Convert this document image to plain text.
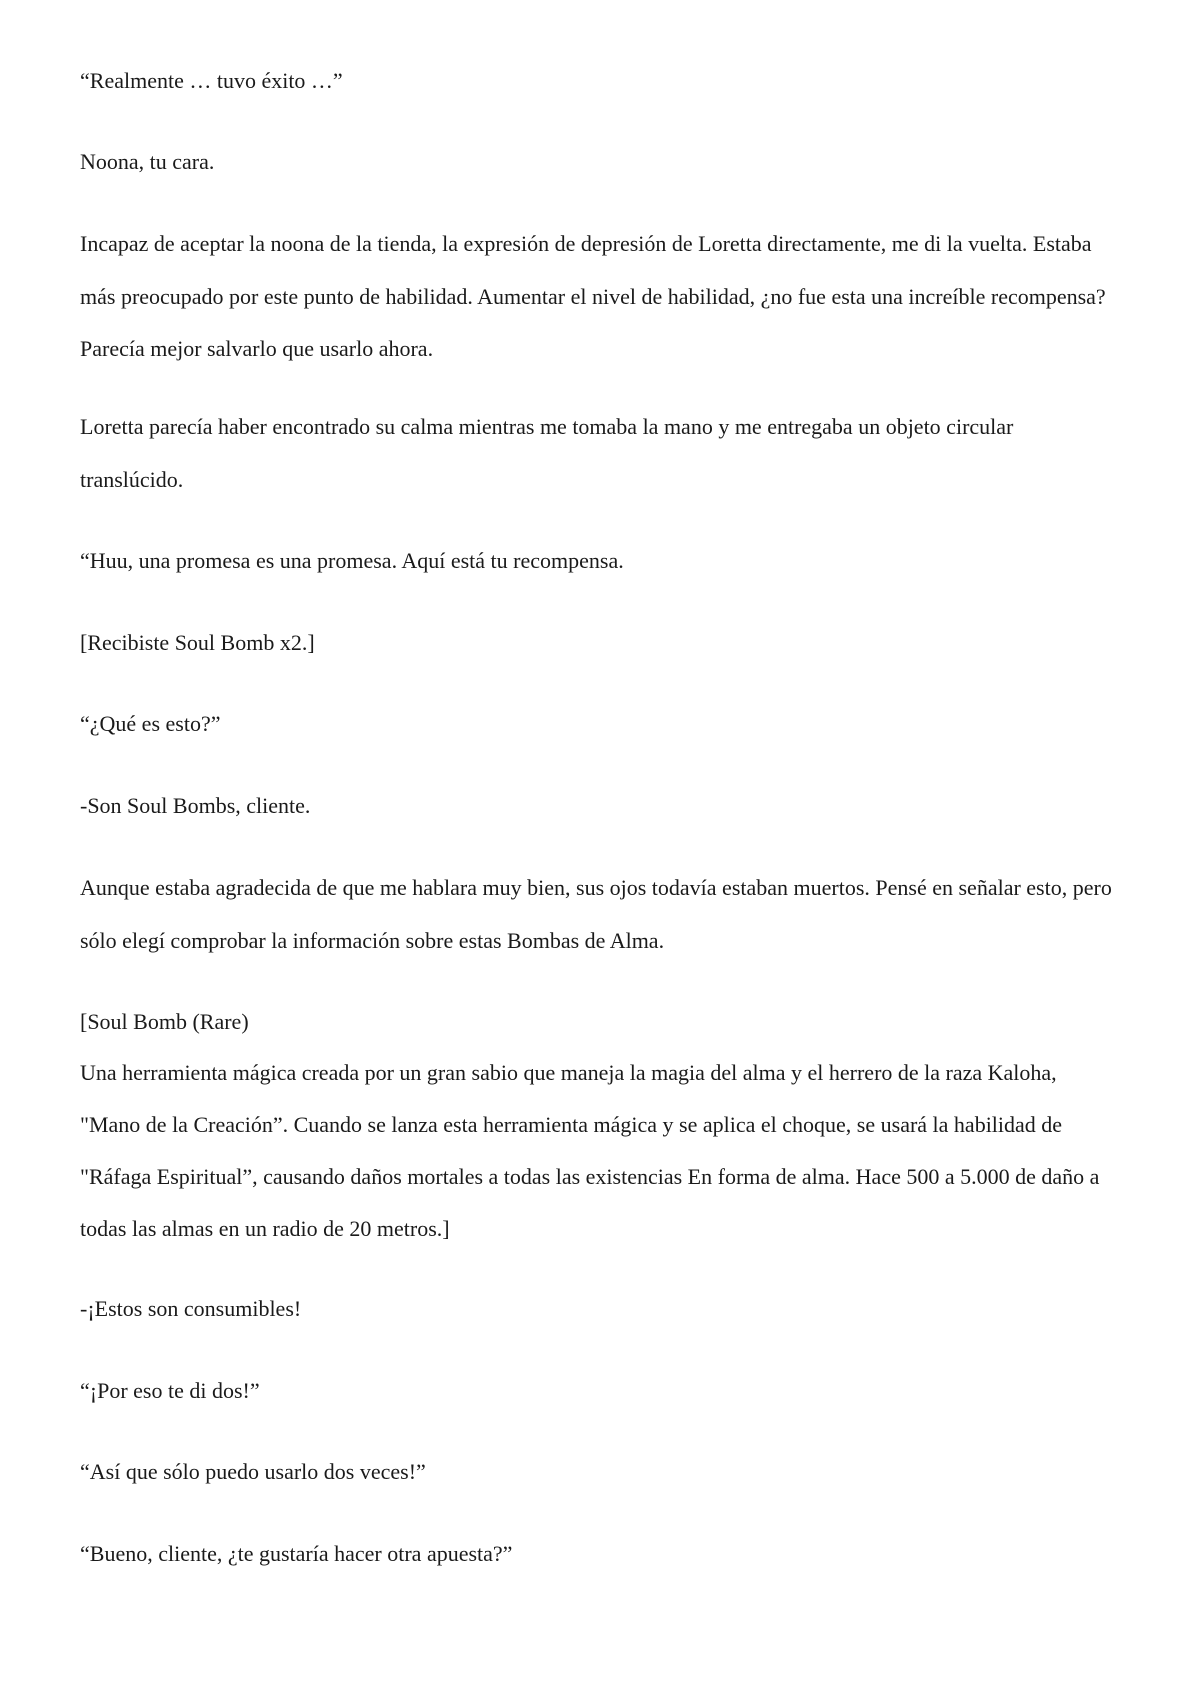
“Realmente … tuvo éxito …”

Noona, tu cara.

Incapaz de aceptar la noona de la tienda, la expresión de depresión de Loretta directamente, me di la vuelta. Estaba más preocupado por este punto de habilidad. Aumentar el nivel de habilidad, ¿no fue esta una increíble recompensa? Parecía mejor salvarlo que usarlo ahora.

Loretta parecía haber encontrado su calma mientras me tomaba la mano y me entregaba un objeto circular translúcido.

“Huu, una promesa es una promesa. Aquí está tu recompensa.

[Recibiste Soul Bomb x2.]

“¿Qué es esto?”

-Son Soul Bombs, cliente.

Aunque estaba agradecida de que me hablara muy bien, sus ojos todavía estaban muertos. Pensé en señalar esto, pero sólo elegí comprobar la información sobre estas Bombas de Alma.

[Soul Bomb (Rare)

Una herramienta mágica creada por un gran sabio que maneja la magia del alma y el herrero de la raza Kaloha, "Mano de la Creación”. Cuando se lanza esta herramienta mágica y se aplica el choque, se usará la habilidad de "Ráfaga Espiritual”, causando daños mortales a todas las existencias En forma de alma. Hace 500 a 5.000 de daño a todas las almas en un radio de 20 metros.]

-¡Estos son consumibles!

“¡Por eso te di dos!”

“Así que sólo puedo usarlo dos veces!”

“Bueno, cliente, ¿te gustaría hacer otra apuesta?”
